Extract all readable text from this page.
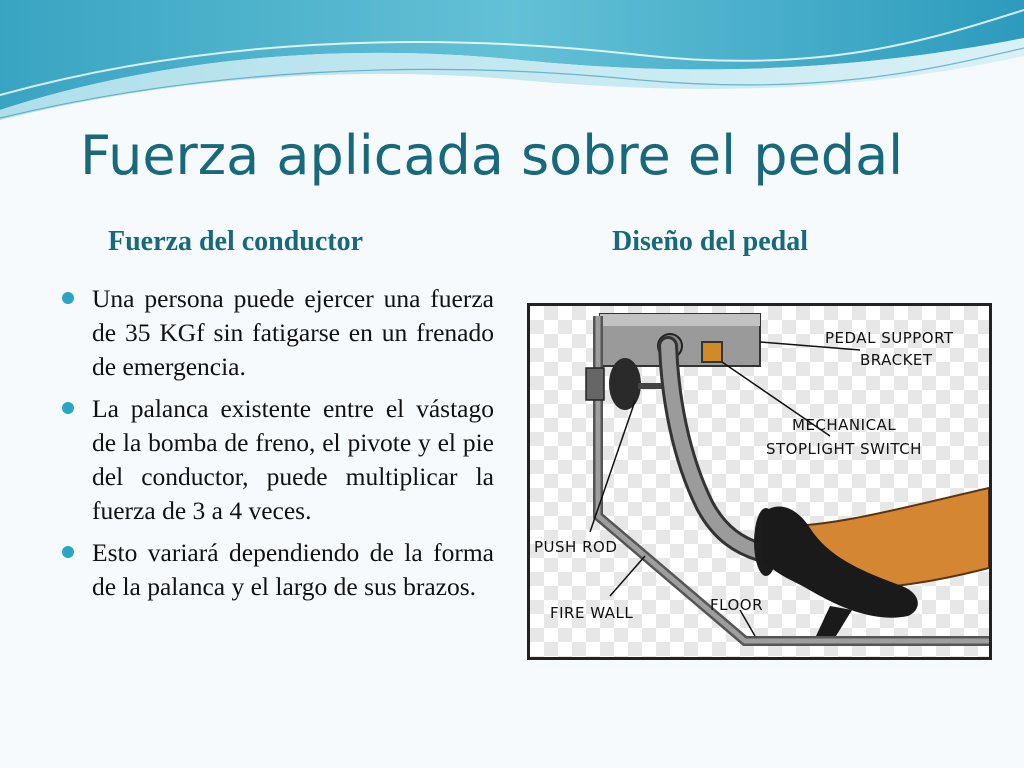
Fuerza aplicada sobre el pedal
Fuerza del conductor	Diseño del pedal
Una persona puede ejercer una fuerza de 35 KGf sin fatigarse en un frenado de emergencia.
La palanca existente entre el vástago de la bomba de freno, el pivote y el pie del conductor, puede multiplicar la fuerza de 3 a 4 veces.
Esto variará dependiendo de la forma de la palanca y el largo de sus brazos.
PEDAL SUPPORT
BRACKET
MECHANICAL
STOPLIGHT SWITCH
PUSH ROD
FIRE WALL	FLOOR
